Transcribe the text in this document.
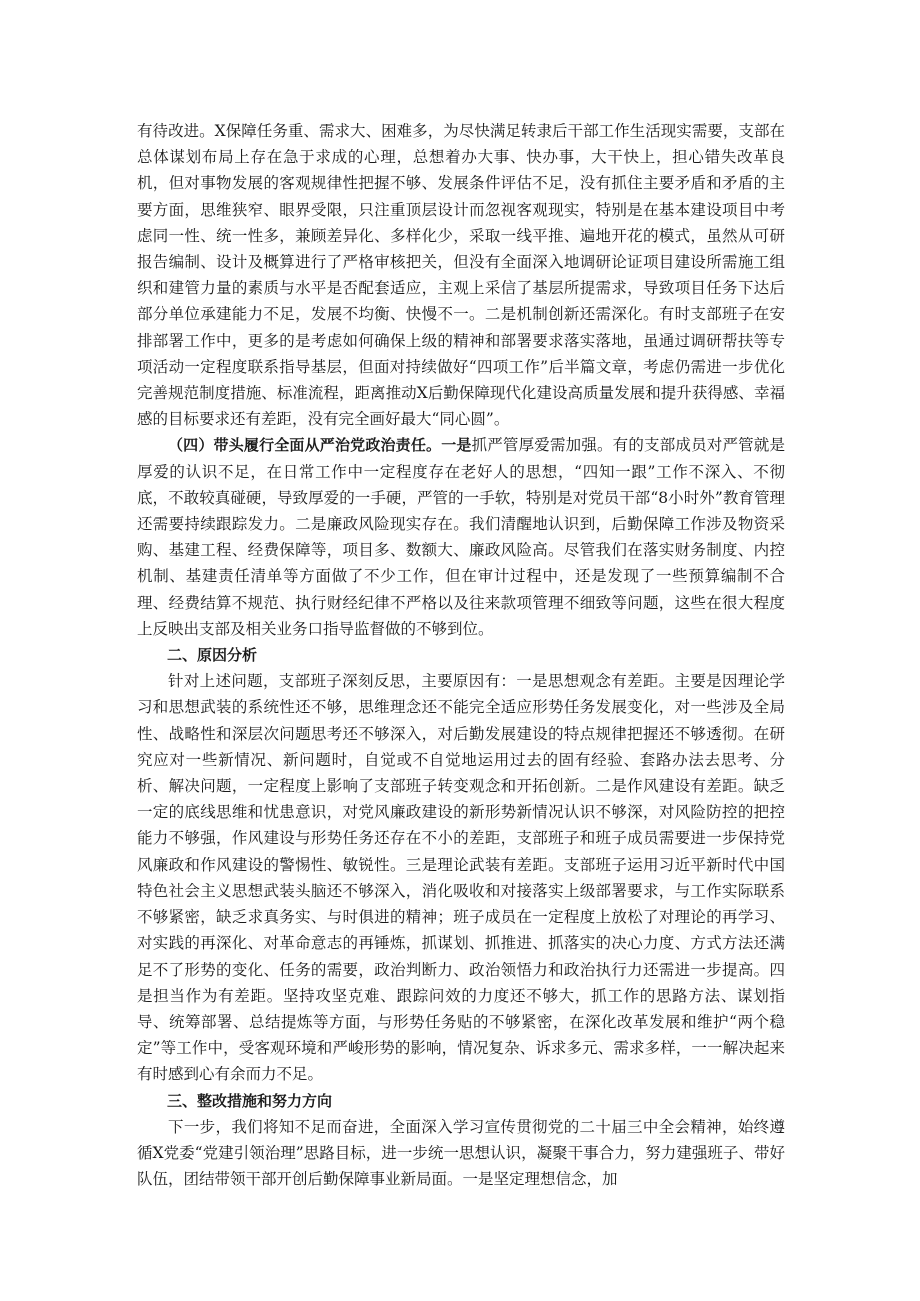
有待改进。X保障任务重、需求大、困难多，为尽快满足转隶后干部工作生活现实需要，支部在总体谋划布局上存在急于求成的心理，总想着办大事、快办事，大干快上，担心错失改革良机，但对事物发展的客观规律性把握不够、发展条件评估不足，没有抓住主要矛盾和矛盾的主要方面，思维狭窄、眼界受限，只注重顶层设计而忽视客观现实，特别是在基本建设项目中考虑同一性、统一性多，兼顾差异化、多样化少，采取一线平推、遍地开花的模式，虽然从可研报告编制、设计及概算进行了严格审核把关，但没有全面深入地调研论证项目建设所需施工组织和建管力量的素质与水平是否配套适应，主观上采信了基层所提需求，导致项目任务下达后部分单位承建能力不足，发展不均衡、快慢不一。二是机制创新还需深化。有时支部班子在安排部署工作中，更多的是考虑如何确保上级的精神和部署要求落实落地，虽通过调研帮扶等专项活动一定程度联系指导基层，但面对持续做好“四项工作”后半篇文章，考虑仍需进一步优化完善规范制度措施、标准流程，距离推动X后勤保障现代化建设高质量发展和提升获得感、幸福感的目标要求还有差距，没有完全画好最大“同心圆”。

（四）带头履行全面从严治党政治责任。一是抓严管厚爱需加强。有的支部成员对严管就是厚爱的认识不足，在日常工作中一定程度存在老好人的思想，“四知一跟”工作不深入、不彻底，不敢较真碰硬，导致厚爱的一手硬，严管的一手软，特别是对党员干部“8小时外”教育管理还需要持续跟踪发力。二是廉政风险现实存在。我们清醒地认识到，后勤保障工作涉及物资采购、基建工程、经费保障等，项目多、数额大、廉政风险高。尽管我们在落实财务制度、内控机制、基建责任清单等方面做了不少工作，但在审计过程中，还是发现了一些预算编制不合理、经费结算不规范、执行财经纪律不严格以及往来款项管理不细致等问题，这些在很大程度上反映出支部及相关业务口指导监督做的不够到位。

二、原因分析

针对上述问题，支部班子深刻反思，主要原因有：一是思想观念有差距。主要是因理论学习和思想武装的系统性还不够，思维理念还不能完全适应形势任务发展变化，对一些涉及全局性、战略性和深层次问题思考还不够深入，对后勤发展建设的特点规律把握还不够透彻。在研究应对一些新情况、新问题时，自觉或不自觉地运用过去的固有经验、套路办法去思考、分析、解决问题，一定程度上影响了支部班子转变观念和开拓创新。二是作风建设有差距。缺乏一定的底线思维和忧患意识，对党风廉政建设的新形势新情况认识不够深，对风险防控的把控能力不够强，作风建设与形势任务还存在不小的差距，支部班子和班子成员需要进一步保持党风廉政和作风建设的警惕性、敏锐性。三是理论武装有差距。支部班子运用习近平新时代中国特色社会主义思想武装头脑还不够深入，消化吸收和对接落实上级部署要求，与工作实际联系不够紧密，缺乏求真务实、与时俱进的精神；班子成员在一定程度上放松了对理论的再学习、对实践的再深化、对革命意志的再锤炼，抓谋划、抓推进、抓落实的决心力度、方式方法还满足不了形势的变化、任务的需要，政治判断力、政治领悟力和政治执行力还需进一步提高。四是担当作为有差距。坚持攻坚克难、跟踪问效的力度还不够大，抓工作的思路方法、谋划指导、统筹部署、总结提炼等方面，与形势任务贴的不够紧密，在深化改革发展和维护“两个稳定”等工作中，受客观环境和严峻形势的影响，情况复杂、诉求多元、需求多样，一一解决起来有时感到心有余而力不足。

三、整改措施和努力方向

下一步，我们将知不足而奋进，全面深入学习宣传贯彻党的二十届三中全会精神，始终遵循X党委“党建引领治理”思路目标，进一步统一思想认识，凝聚干事合力，努力建强班子、带好队伍，团结带领干部开创后勤保障事业新局面。一是坚定理想信念，加
